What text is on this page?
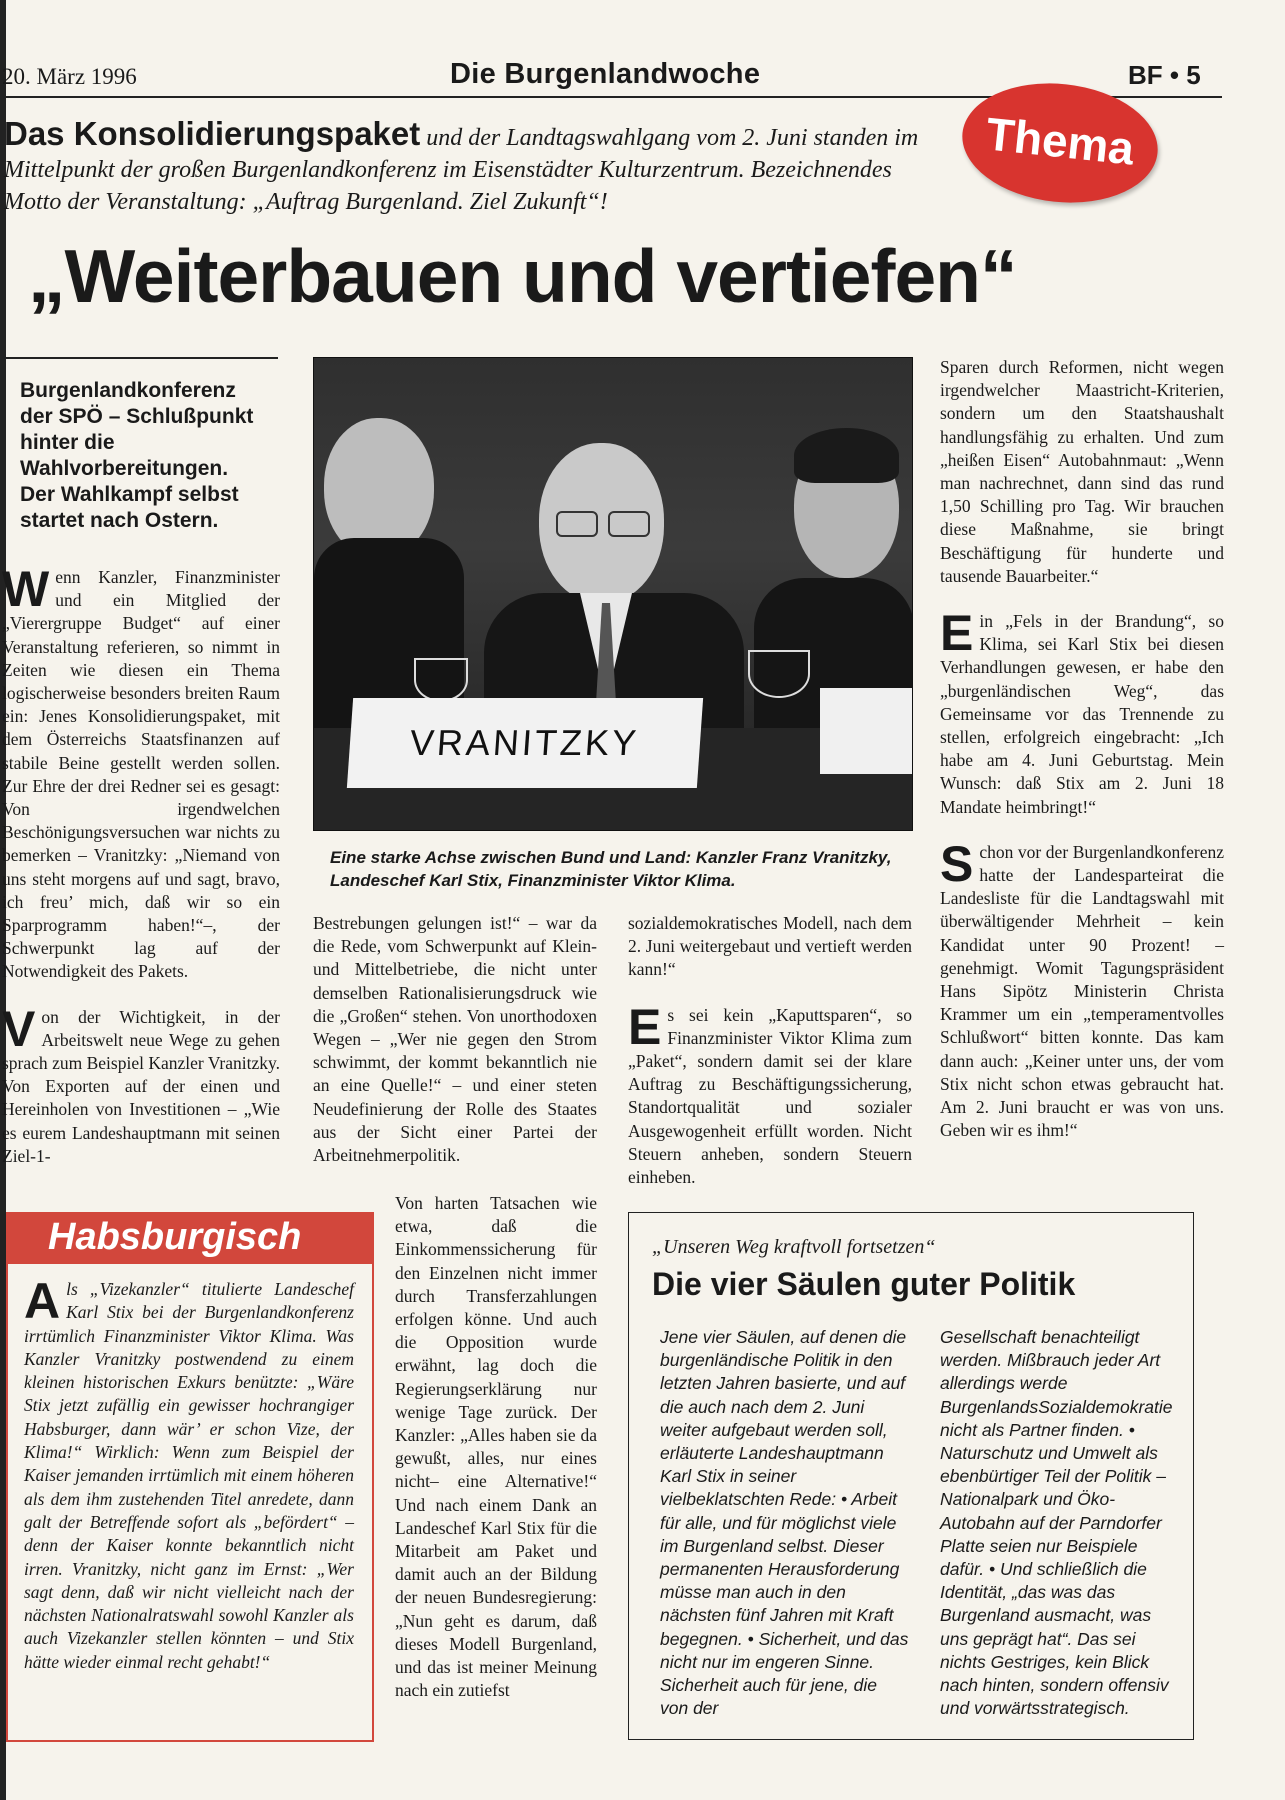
20. März 1996	Die Burgenlandwoche	BF • 5
Thema
Das Konsolidierungspaket und der Landtagswahlgang vom 2. Juni standen im Mittelpunkt der großen Burgenlandkonferenz im Eisenstädter Kulturzentrum. Bezeichnendes Motto der Veranstaltung: „Auftrag Burgenland. Ziel Zukunft“!
„Weiterbauen und vertiefen“
Burgenlandkonferenz der SPÖ – Schlußpunkt hinter die Wahlvorbereitungen. Der Wahlkampf selbst startet nach Ostern.
VRANITZKY
Eine starke Achse zwischen Bund und Land: Kanzler Franz Vranitzky, Landeschef Karl Stix, Finanzminister Viktor Klima.

Wenn Kanzler, Finanzminister und ein Mitglied der „Vierergruppe Budget“ auf einer Veranstaltung referieren, so nimmt in Zeiten wie diesen ein Thema logischerweise besonders breiten Raum ein: Jenes Konsolidierungspaket, mit dem Österreichs Staatsfinanzen auf stabile Beine gestellt werden sollen. Zur Ehre der drei Redner sei es gesagt: Von irgendwelchen Beschönigungsversuchen war nichts zu bemerken – Vranitzky: „Niemand von uns steht morgens auf und sagt, bravo, ich freu’ mich, daß wir so ein Sparprogramm haben!“–, der Schwerpunkt lag auf der Notwendigkeit des Pakets.

Von der Wichtigkeit, in der Arbeitswelt neue Wege zu gehen sprach zum Beispiel Kanzler Vranitzky. Von Exporten auf der einen und Hereinholen von Investitionen – „Wie es eurem Landeshauptmann mit seinen Ziel-1-

Bestrebungen gelungen ist!“ – war da die Rede, vom Schwerpunkt auf Klein- und Mittelbetriebe, die nicht unter demselben Rationalisierungsdruck wie die „Großen“ stehen. Von unorthodoxen Wegen – „Wer nie gegen den Strom schwimmt, der kommt bekanntlich nie an eine Quelle!“ – und einer steten Neudefinierung der Rolle des Staates aus der Sicht einer Partei der Arbeitnehmerpolitik.

Von harten Tatsachen wie etwa, daß die Einkommenssicherung für den Einzelnen nicht immer durch Transferzahlungen erfolgen könne. Und auch die Opposition wurde erwähnt, lag doch die Regierungserklärung nur wenige Tage zurück. Der Kanzler: „Alles haben sie da gewußt, alles, nur eines nicht– eine Alternative!“ Und nach einem Dank an Landeschef Karl Stix für die Mitarbeit am Paket und damit auch an der Bildung der neuen Bundesregierung: „Nun geht es darum, daß dieses Modell Burgenland, und das ist meiner Meinung nach ein zutiefst

sozialdemokratisches Modell, nach dem 2. Juni weitergebaut und vertieft werden kann!“

Es sei kein „Kaputtsparen“, so Finanzminister Viktor Klima zum „Paket“, sondern damit sei der klare Auftrag zu Beschäftigungssicherung, Standortqualität und sozialer Ausgewogenheit erfüllt worden. Nicht Steuern anheben, sondern Steuern einheben.

Sparen durch Reformen, nicht wegen irgendwelcher Maastricht-Kriterien, sondern um den Staatshaushalt handlungsfähig zu erhalten. Und zum „heißen Eisen“ Autobahnmaut: „Wenn man nachrechnet, dann sind das rund 1,50 Schilling pro Tag. Wir brauchen diese Maßnahme, sie bringt Beschäftigung für hunderte und tausende Bauarbeiter.“

Ein „Fels in der Brandung“, so Klima, sei Karl Stix bei diesen Verhandlungen gewesen, er habe den „burgenländischen Weg“, das Gemeinsame vor das Trennende zu stellen, erfolgreich eingebracht: „Ich habe am 4. Juni Geburtstag. Mein Wunsch: daß Stix am 2. Juni 18 Mandate heimbringt!“

Schon vor der Burgenlandkonferenz hatte der Landesparteirat die Landesliste für die Landtagswahl mit überwältigender Mehrheit – kein Kandidat unter 90 Prozent! – genehmigt. Womit Tagungspräsident Hans Sipötz Ministerin Christa Krammer um ein „temperamentvolles Schlußwort“ bitten konnte. Das kam dann auch: „Keiner unter uns, der vom Stix nicht schon etwas gebraucht hat. Am 2. Juni braucht er was von uns. Geben wir es ihm!“

Habsburgisch
Als „Vizekanzler“ titulierte Landeschef Karl Stix bei der Burgenlandkonferenz irrtümlich Finanzminister Viktor Klima. Was Kanzler Vranitzky postwendend zu einem kleinen historischen Exkurs benützte: „Wäre Stix jetzt zufällig ein gewisser hochrangiger Habsburger, dann wär’ er schon Vize, der Klima!“ Wirklich: Wenn zum Beispiel der Kaiser jemanden irrtümlich mit einem höheren als dem ihm zustehenden Titel anredete, dann galt der Betreffende sofort als „befördert“ – denn der Kaiser konnte bekanntlich nicht irren. Vranitzky, nicht ganz im Ernst: „Wer sagt denn, daß wir nicht vielleicht nach der nächsten Nationalratswahl sowohl Kanzler als auch Vizekanzler stellen könnten – und Stix hätte wieder einmal recht gehabt!“
„Unseren Weg kraftvoll fortsetzen“
Die vier Säulen guter Politik
Jene vier Säulen, auf denen die burgenländische Politik in den letzten Jahren basierte, und auf die auch nach dem 2. Juni weiter aufgebaut werden soll, erläuterte Landeshauptmann Karl Stix in seiner vielbeklatschten Rede: • Arbeit für alle, und für möglichst viele im Burgenland selbst. Dieser permanenten Herausforderung müsse man auch in den nächsten fünf Jahren mit Kraft begegnen. • Sicherheit, und das nicht nur im engeren Sinne. Sicherheit auch für jene, die von der
Gesellschaft benachteiligt werden. Mißbrauch jeder Art allerdings werde BurgenlandsSozialdemokratie nicht als Partner finden. • Naturschutz und Umwelt als ebenbürtiger Teil der Politik – Nationalpark und Öko-Autobahn auf der Parndorfer Platte seien nur Beispiele dafür. • Und schließlich die Identität, „das was das Burgenland ausmacht, was uns geprägt hat“. Das sei nichts Gestriges, kein Blick nach hinten, sondern offensiv und vorwärtsstrategisch.
